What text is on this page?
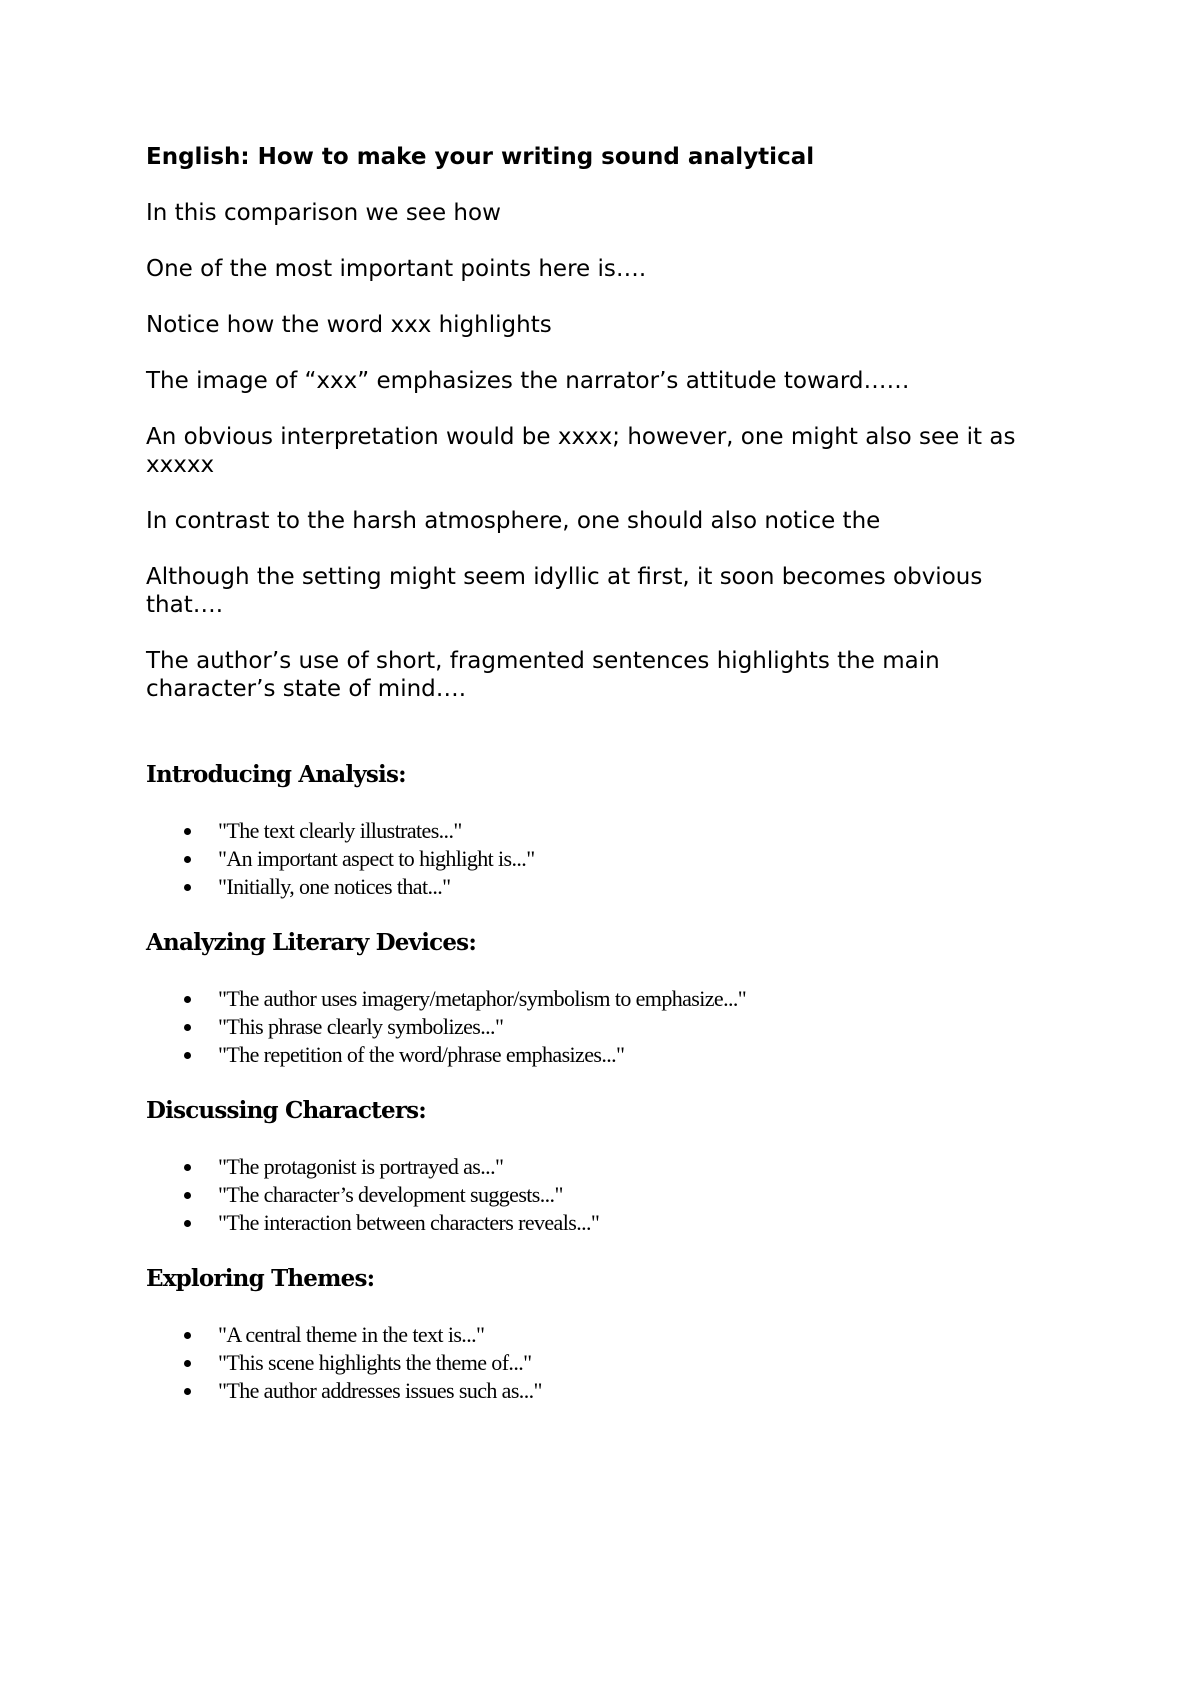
English: How to make your writing sound analytical
In this comparison we see how
One of the most important points here is….
Notice how the word xxx highlights
The image of “xxx” emphasizes the narrator’s attitude toward……
An obvious interpretation would be xxxx; however, one might also see it as xxxxx
In contrast to the harsh atmosphere, one should also notice the
Although the setting might seem idyllic at first, it soon becomes obvious that….
The author’s use of short, fragmented sentences highlights the main character’s state of mind….
Introducing Analysis:
"The text clearly illustrates..."
"An important aspect to highlight is..."
"Initially, one notices that..."
Analyzing Literary Devices:
"The author uses imagery/metaphor/symbolism to emphasize..."
"This phrase clearly symbolizes..."
"The repetition of the word/phrase emphasizes..."
Discussing Characters:
"The protagonist is portrayed as..."
"The character’s development suggests..."
"The interaction between characters reveals..."
Exploring Themes:
"A central theme in the text is..."
"This scene highlights the theme of..."
"The author addresses issues such as..."
